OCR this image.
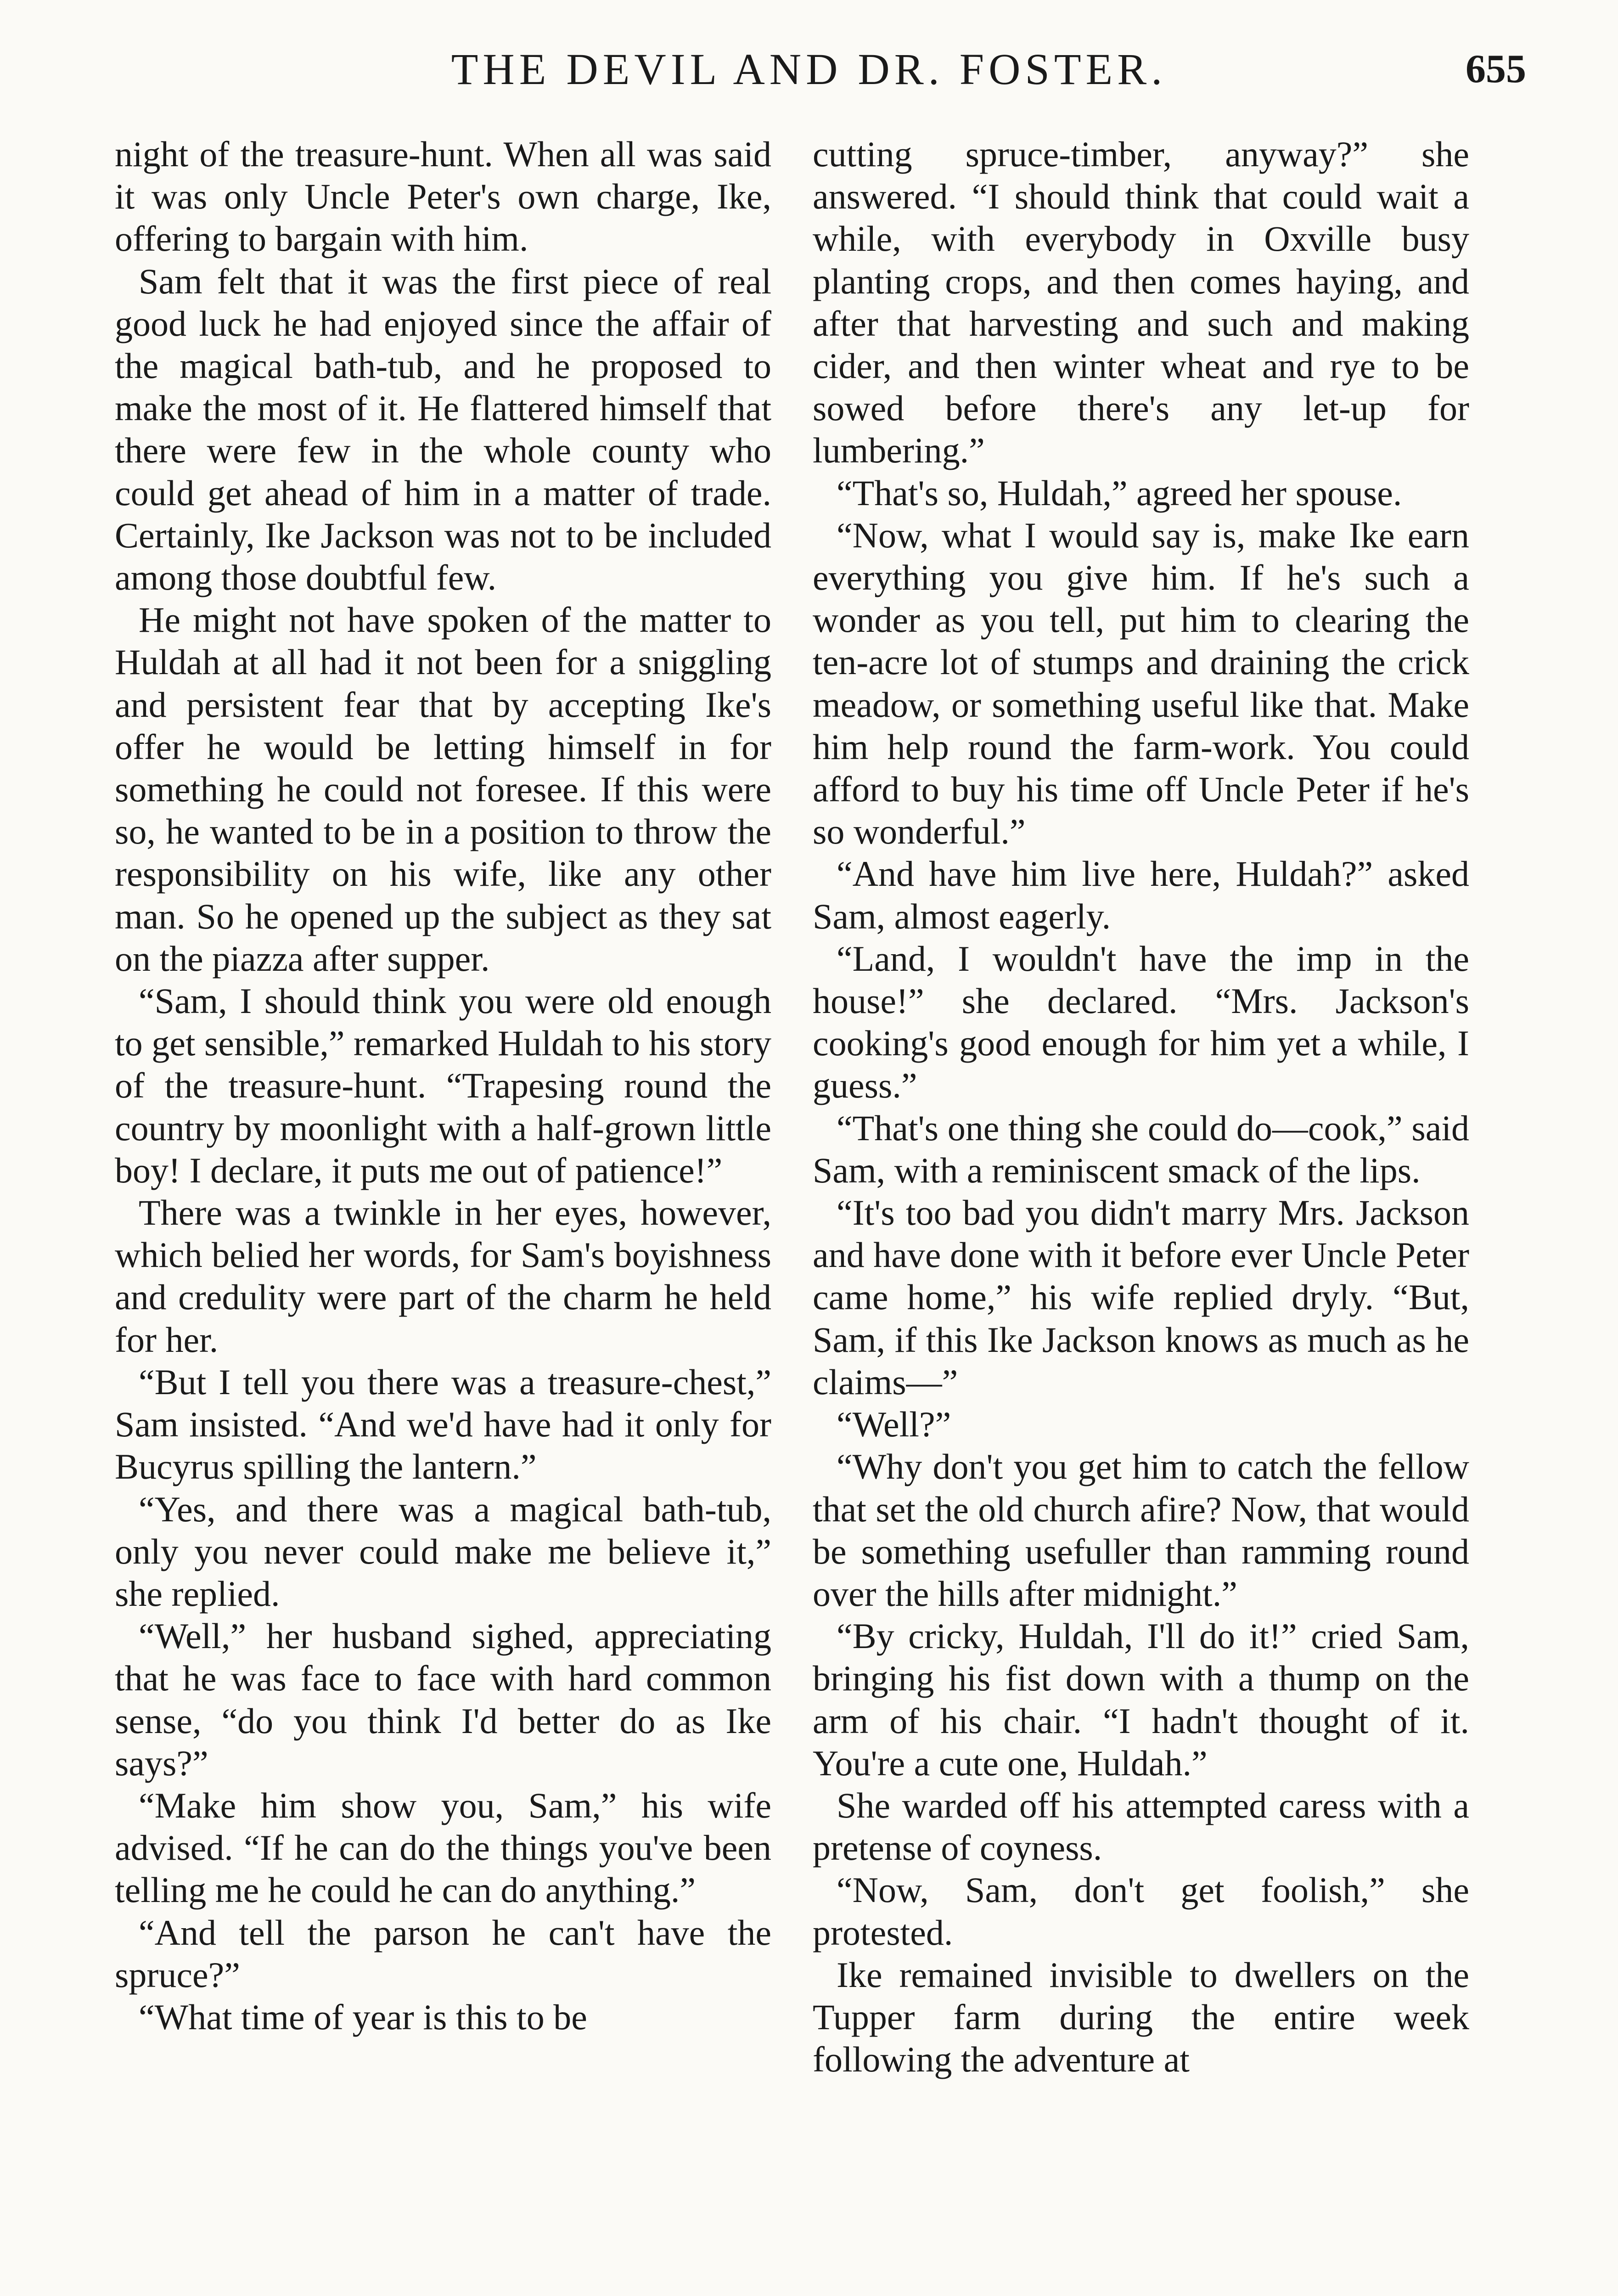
THE DEVIL AND DR. FOSTER.	655

night of the treasure-hunt. When all was said it was only Uncle Peter's own charge, Ike, offering to bargain with him.

Sam felt that it was the first piece of real good luck he had enjoyed since the affair of the magical bath-tub, and he proposed to make the most of it. He flattered himself that there were few in the whole county who could get ahead of him in a matter of trade. Certainly, Ike Jackson was not to be included among those doubtful few.

He might not have spoken of the matter to Huldah at all had it not been for a sniggling and persistent fear that by accepting Ike's offer he would be letting himself in for something he could not foresee. If this were so, he wanted to be in a position to throw the responsibility on his wife, like any other man. So he opened up the subject as they sat on the piazza after supper.

“Sam, I should think you were old enough to get sensible,” remarked Huldah to his story of the treasure-hunt. “Trapesing round the country by moonlight with a half-grown little boy! I declare, it puts me out of patience!”

There was a twinkle in her eyes, however, which belied her words, for Sam's boyishness and credulity were part of the charm he held for her.

“But I tell you there was a treasure-chest,” Sam insisted. “And we'd have had it only for Bucyrus spilling the lantern.”

“Yes, and there was a magical bath-tub, only you never could make me believe it,” she replied.

“Well,” her husband sighed, appreciating that he was face to face with hard common sense, “do you think I'd better do as Ike says?”

“Make him show you, Sam,” his wife advised. “If he can do the things you've been telling me he could he can do anything.”

“And tell the parson he can't have the spruce?”

“What time of year is this to be

cutting spruce-timber, anyway?” she answered. “I should think that could wait a while, with everybody in Oxville busy planting crops, and then comes haying, and after that harvesting and such and making cider, and then winter wheat and rye to be sowed before there's any let-up for lumbering.”

“That's so, Huldah,” agreed her spouse.

“Now, what I would say is, make Ike earn everything you give him. If he's such a wonder as you tell, put him to clearing the ten-acre lot of stumps and draining the crick meadow, or something useful like that. Make him help round the farm-work. You could afford to buy his time off Uncle Peter if he's so wonderful.”

“And have him live here, Huldah?” asked Sam, almost eagerly.

“Land, I wouldn't have the imp in the house!” she declared. “Mrs. Jackson's cooking's good enough for him yet a while, I guess.”

“That's one thing she could do—cook,” said Sam, with a reminiscent smack of the lips.

“It's too bad you didn't marry Mrs. Jackson and have done with it before ever Uncle Peter came home,” his wife replied dryly. “But, Sam, if this Ike Jackson knows as much as he claims—”

“Well?”

“Why don't you get him to catch the fellow that set the old church afire? Now, that would be something usefuller than ramming round over the hills after midnight.”

“By cricky, Huldah, I'll do it!” cried Sam, bringing his fist down with a thump on the arm of his chair. “I hadn't thought of it. You're a cute one, Huldah.”

She warded off his attempted caress with a pretense of coyness.

“Now, Sam, don't get foolish,” she protested.

Ike remained invisible to dwellers on the Tupper farm during the entire week following the adventure at
